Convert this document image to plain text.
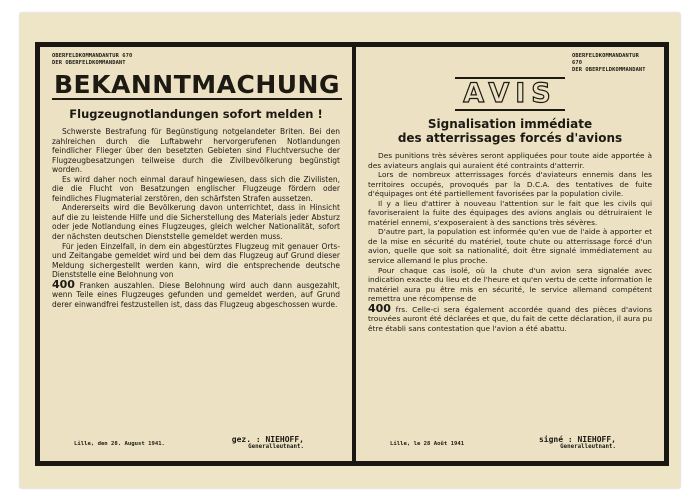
OBERFELDKOMMANDANTUR 670
DER OBERFELDKOMMANDANT
BEKANNTMACHUNG
Flugzeugnotlandungen sofort melden !

Schwerste Bestrafung für Begünstigung notgelandeter Briten. Bei den zahlreichen durch die Luftabwehr hervorgerufenen Notlandungen feindlicher Flieger über den besetzten Gebieten sind Fluchtversuche der Flugzeugbesatzungen teilweise durch die Zivilbevölkerung begünstigt worden.

Es wird daher noch einmal darauf hingewiesen, dass sich die Zivilisten, die die Flucht von Besatzungen englischer Flugzeuge fördern oder feindliches Flugmaterial zerstören, den schärfsten Strafen aussetzen.

Andererseits wird die Bevölkerung davon unterrichtet, dass in Hinsicht auf die zu leistende Hilfe und die Sicherstellung des Materials jeder Absturz oder jede Notlandung eines Flugzeuges, gleich welcher Nationalität, sofort der nächsten deutschen Dienststelle gemeldet werden muss.

Für jeden Einzelfall, in dem ein abgestürztes Flugzeug mit genauer Orts- und Zeitangabe gemeldet wird und bei dem das Flugzeug auf Grund dieser Meldung sichergestellt werden kann, wird die entsprechende deutsche Dienststelle eine Belohnung von
400 Franken auszahlen. Diese Belohnung wird auch dann ausgezahlt, wenn Teile eines Flugzeuges gefunden und gemeldet werden, auf Grund derer einwandfrei festzustellen ist, dass das Flugzeug abgeschossen wurde.

Lille, den 28. August 1941.	gez. : NIEHOFF,
Generalleutnant.
OBERFELDKOMMANDANTUR 670
DER OBERFELDKOMMANDANT
AVIS
Signalisation immédiate
des atterrissages forcés d'avions

Des punitions très sévères seront appliquées pour toute aide apportée à des aviateurs anglais qui auraient été contraints d'atterrir.

Lors de nombreux atterrissages forcés d'aviateurs ennemis dans les territoires occupés, provoqués par la D.C.A. des tentatives de fuite d'équipages ont été partiellement favorisées par la population civile.

Il y a lieu d'attirer à nouveau l'attention sur le fait que les civils qui favoriseraient la fuite des équipages des avions anglais ou détruiraient le matériel ennemi, s'exposeraient à des sanctions très sévères.

D'autre part, la population est informée qu'en vue de l'aide à apporter et de la mise en sécurité du matériel, toute chute ou atterrissage forcé d'un avion, quelle que soit sa nationalité, doit être signalé immédiatement au service allemand le plus proche.

Pour chaque cas isolé, où la chute d'un avion sera signalée avec indication exacte du lieu et de l'heure et qu'en vertu de cette information le matériel aura pu être mis en sécurité, le service allemand compétent remettra une récompense de
400 frs. Celle-ci sera également accordée quand des pièces d'avions trouvées auront été déclarées et que, du fait de cette déclaration, il aura pu être établi sans contestation que l'avion a été abattu.

Lille, le 28 Août 1941	signé : NIEHOFF,
Generalleutnant.
